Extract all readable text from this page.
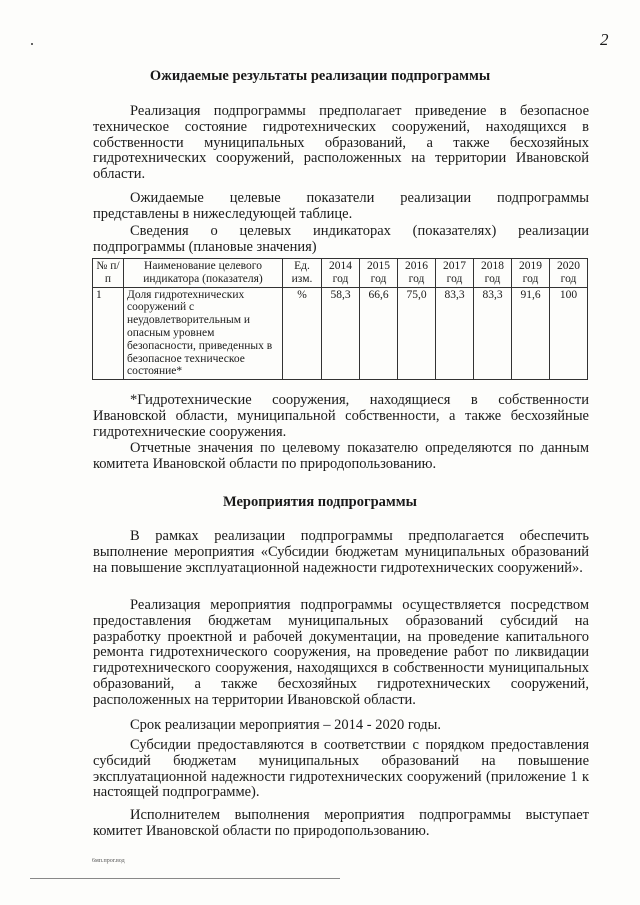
2
Ожидаемые результаты реализации подпрограммы

Реализация подпрограммы предполагает приведение в безопасное техническое состояние гидротехнических сооружений, находящихся в собственности муниципальных образований, а также бесхозяйных гидротехнических сооружений, расположенных на территории Ивановской области.

Ожидаемые целевые показатели реализации подпрограммы представлены в нижеследующей таблице.

Сведения о целевых индикаторах (показателях) реализации подпрограммы (плановые значения)

№ п/п	Наименование целевого индикатора (показателя)	Ед. изм.	2014 год	2015 год	2016 год	2017 год	2018 год	2019 год	2020 год
1	Доля гидротехнических сооружений с неудовлетворительным и опасным уровнем безопасности, приведенных в безопасное техническое состояние*	%	58,3	66,6	75,0	83,3	83,3	91,6	100

*Гидротехнические сооружения, находящиеся в собственности Ивановской области, муниципальной собственности, а также бесхозяйные гидротехнические сооружения.

Отчетные значения по целевому показателю определяются по данным комитета Ивановской области по природопользованию.

Мероприятия подпрограммы

В рамках реализации подпрограммы предполагается обеспечить выполнение мероприятия «Субсидии бюджетам муниципальных образований на повышение эксплуатационной надежности гидротехнических сооружений».

Реализация мероприятия подпрограммы осуществляется посредством предоставления бюджетам муниципальных образований субсидий на разработку проектной и рабочей документации, на проведение капитального ремонта гидротехнического сооружения, на проведение работ по ликвидации гидротехнического сооружения, находящихся в собственности муниципальных образований, а также бесхозяйных гидротехнических сооружений, расположенных на территории Ивановской области.

Срок реализации мероприятия – 2014 - 2020 годы.

Субсидии предоставляются в соответствии с порядком предоставления субсидий бюджетам муниципальных образований на повышение эксплуатационной надежности гидротехнических сооружений (приложение 1 к настоящей подпрограмме).

Исполнителем выполнения мероприятия подпрограммы выступает комитет Ивановской области по природопользованию.

6мп.прог.вод
